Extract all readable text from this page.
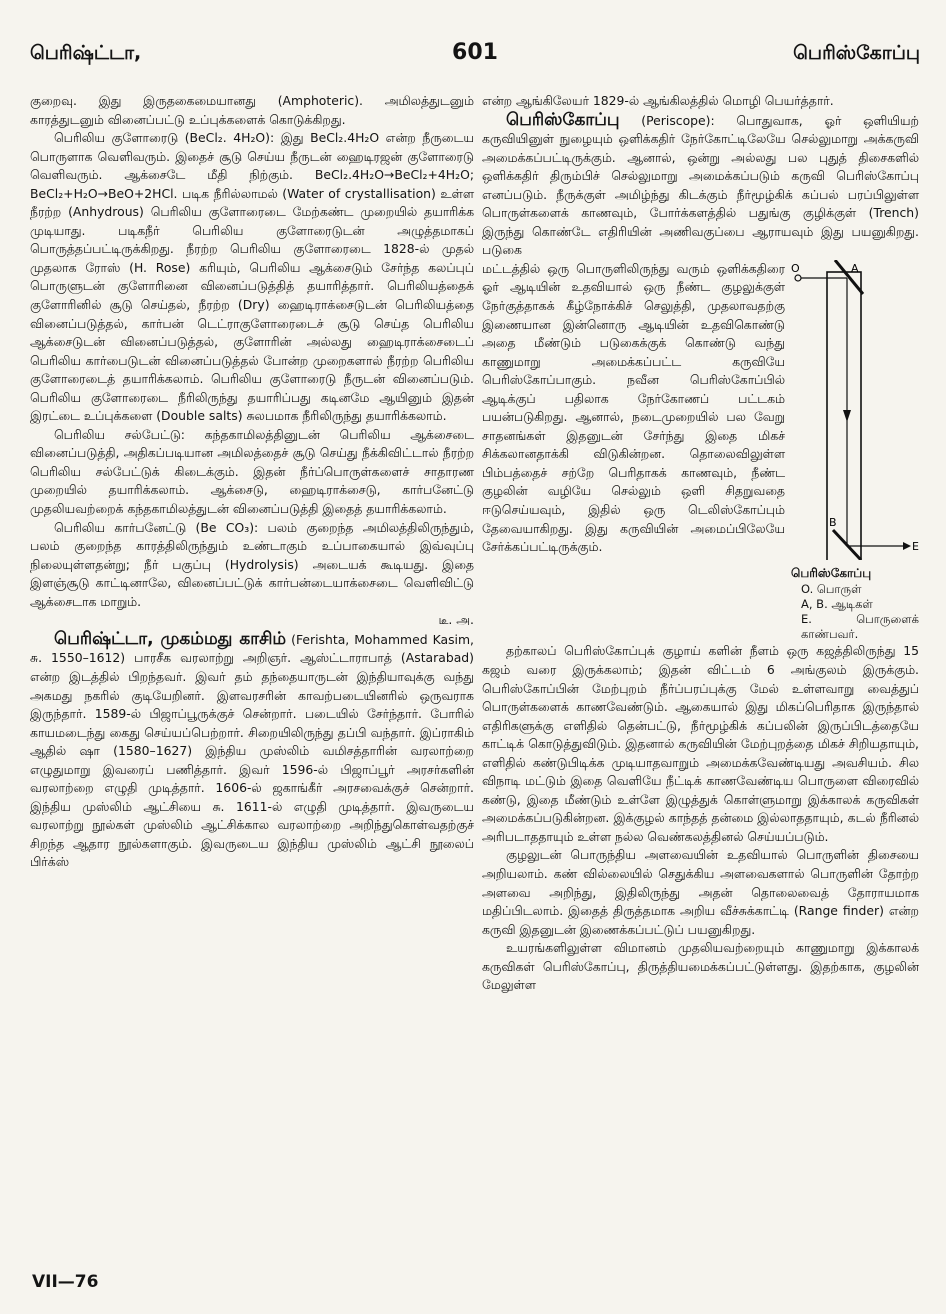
பெரிஷ்ட்டா,	601	பெரிஸ்கோப்பு

குறைவு. இது இருதகைமையானது (Amphoteric). அமிலத்துடனும் காரத்துடனும் வினைப்பட்டு உப்புக்களைக் கொடுக்கிறது.

பெரிலிய குளோரைடு (BeCl₂. 4H₂O): இது BeCl₂.4H₂O என்ற நீருடைய பொருளாக வெளிவரும். இதைச் சூடு செய்ய நீருடன் ஹைடிரஜன் குளோரைடு வெளிவரும். ஆக்சைடே மீதி நிற்கும். BeCl₂.4H₂O→BeCl₂+4H₂O; BeCl₂+H₂O→BeO+2HCl. படிக நீரில்லாமல் (Water of crystallisation) உள்ள நீரற்ற (Anhydrous) பெரிலிய குளோரைடை மேற்கண்ட முறையில் தயாரிக்க முடியாது. படிகநீர் பெரிலிய குளோரைடுடன் அழுத்தமாகப் பொருத்தப்பட்டிருக்கிறது. நீரற்ற பெரிலிய குளோரைடை 1828-ல் முதல் முதலாக ரோஸ் (H. Rose) கரியும், பெரிலிய ஆக்சைடும் சேர்ந்த கலப்புப் பொருளுடன் குளோரினை வினைப்படுத்தித் தயாரித்தார். பெரிலியத்தைக் குளோரினில் சூடு செய்தல், நீரற்ற (Dry) ஹைடிராக்சைடுடன் பெரிலியத்தை வினைப்படுத்தல், கார்பன் டெட்ராகுளோரைடைச் சூடு செய்த பெரிலிய ஆக்சைடுடன் வினைப்படுத்தல், குளோரின் அல்லது ஹைடிராக்சைடைப் பெரிலிய கார்பைடுடன் வினைப்படுத்தல் போன்ற முறைகளால் நீரற்ற பெரிலிய குளோரைடைத் தயாரிக்கலாம். பெரிலிய குளோரைடு நீருடன் வினைப்படும். பெரிலிய குளோரைடை நீரிலிருந்து தயாரிப்பது கடினமே ஆயினும் இதன் இரட்டை உப்புக்களை (Double salts) சுலபமாக நீரிலிருந்து தயாரிக்கலாம்.

பெரிலிய சல்பேட்டு: கந்தகாமிலத்தினுடன் பெரிலிய ஆக்சைடை வினைப்படுத்தி, அதிகப்படியான அமிலத்தைச் சூடு செய்து நீக்கிவிட்டால் நீரற்ற பெரிலிய சல்பேட்டுக் கிடைக்கும். இதன் நீர்ப்பொருள்களைச் சாதாரண முறையில் தயாரிக்கலாம். ஆக்சைடு, ஹைடிராக்சைடு, கார்பனேட்டு முதலியவற்றைக் கந்தகாமிலத்துடன் வினைப்படுத்தி இதைத் தயாரிக்கலாம்.

பெரிலிய கார்பனேட்டு (Be CO₃): பலம் குறைந்த அமிலத்திலிருந்தும், பலம் குறைந்த காரத்திலிருந்தும் உண்டாகும் உப்பாகையால் இவ்வுப்பு நிலையுள்ளதன்று; நீர் பகுப்பு (Hydrolysis) அடையக் கூடியது. இதை இளஞ்சூடு காட்டினாலே, வினைப்பட்டுக் கார்பன்டையாக்சைடை வெளிவிட்டு ஆக்சைடாக மாறும்.

டீ. அ.

பெரிஷ்ட்டா, முகம்மது காசிம் (Ferishta, Mohammed Kasim, சு. 1550–1612) பாரசீக வரலாற்று அறிஞர். ஆஸ்ட்டாராபாத் (Astarabad) என்ற இடத்தில் பிறந்தவர். இவர் தம் தந்தையாருடன் இந்தியாவுக்கு வந்து அகமது நகரில் குடியேறினர். இளவரசரின் காவற்படையினரில் ஒருவராக இருந்தார். 1589-ல் பிஜாப்பூருக்குச் சென்றார். படையில் சேர்ந்தார். போரில் காயமடைந்து கைது செய்யப்பெற்றார். சிறையிலிருந்து தப்பி வந்தார். இப்ராகிம் ஆதில் ஷா (1580–1627) இந்திய முஸ்லிம் வமிசத்தாரின் வரலாற்றை எழுதுமாறு இவரைப் பணித்தார். இவர் 1596-ல் பிஜாப்பூர் அரசர்களின் வரலாற்றை எழுதி முடித்தார். 1606-ல் ஜகாங்கீர் அரசவைக்குச் சென்றார். இந்திய முஸ்லிம் ஆட்சியை சு. 1611-ல் எழுதி முடித்தார். இவருடைய வரலாற்று நூல்கள் முஸ்லிம் ஆட்சிக்கால வரலாற்றை அறிந்துகொள்வதற்குச் சிறந்த ஆதார நூல்களாகும். இவருடைய இந்திய முஸ்லிம் ஆட்சி நூலைப் பிர்க்ஸ்

என்ற ஆங்கிலேயர் 1829-ல் ஆங்கிலத்தில் மொழி பெயர்த்தார்.

பெரிஸ்கோப்பு (Periscope): பொதுவாக, ஓர் ஒளியியற் கருவியினுள் நுழையும் ஒளிக்கதிர் நேர்கோட்டிலேயே செல்லுமாறு அக்கருவி அமைக்கப்பட்டிருக்கும். ஆனால், ஒன்று அல்லது பல புதுத் திசைகளில் ஒளிக்கதிர் திரும்பிச் செல்லுமாறு அமைக்கப்படும் கருவி பெரிஸ்கோப்பு எனப்படும். நீருக்குள் அமிழ்ந்து கிடக்கும் நீர்மூழ்கிக் கப்பல் பரப்பிலுள்ள பொருள்களைக் காணவும், போர்க்களத்தில் பதுங்கு குழிக்குள் (Trench) இருந்து கொண்டே எதிரியின் அணிவகுப்பை ஆராயவும் இது பயனுகிறது. படுகை

மட்டத்தில் ஒரு பொருளிலிருந்து வரும் ஒளிக்கதிரை ஓர் ஆடியின் உதவியால் ஒரு நீண்ட குழலுக்குள் நேர்குத்தாகக் கீழ்நோக்கிச் செலுத்தி, முதலாவதற்கு இணையான இன்னொரு ஆடியின் உதவிகொண்டு அதை மீண்டும் படுகைக்குக் கொண்டு வந்து காணுமாறு அமைக்கப்பட்ட கருவியே பெரிஸ்கோப்பாகும். நவீன பெரிஸ்கோப்பில் ஆடிக்குப் பதிலாக நேர்கோணப் பட்டகம் பயன்படுகிறது. ஆனால், நடைமுறையில் பல வேறு சாதனங்கள் இதனுடன் சேர்ந்து இதை மிகச் சிக்கலானதாக்கி விடுகின்றன. தொலைவிலுள்ள பிம்பத்தைச் சற்றே பெரிதாகக் காணவும், நீண்ட குழலின் வழியே செல்லும் ஒளி சிதறுவதை ஈடுசெய்யவும், இதில் ஒரு டெலிஸ்கோப்பும் தேவையாகிறது. இது கருவியின் அமைப்பிலேயே சேர்க்கப்பட்டிருக்கும்.

O	A
B
E
பெரிஸ்கோப்பு
O. பொருள்
A, B. ஆடிகள்
E. பொருளைக் காண்பவர்.

தற்காலப் பெரிஸ்கோப்புக் குழாய் களின் நீளம் ஒரு கஜத்திலிருந்து 15 கஜம் வரை இருக்கலாம்; இதன் விட்டம் 6 அங்குலம் இருக்கும். பெரிஸ்கோப்பின் மேற்புறம் நீர்ப்பரப்புக்கு மேல் உள்ளவாறு வைத்துப் பொருள்களைக் காணவேண்டும். ஆகையால் இது மிகப்பெரிதாக இருந்தால் எதிரிகளுக்கு எளிதில் தென்பட்டு, நீர்மூழ்கிக் கப்பலின் இருப்பிடத்தையே காட்டிக் கொடுத்துவிடும். இதனால் கருவியின் மேற்புறத்தை மிகச் சிறியதாயும், எளிதில் கண்டுபிடிக்க முடியாதவாறும் அமைக்கவேண்டியது அவசியம். சில விநாடி மட்டும் இதை வெளியே நீட்டிக் காணவேண்டிய பொருளை விரைவில் கண்டு, இதை மீண்டும் உள்ளே இழுத்துக் கொள்ளுமாறு இக்காலக் கருவிகள் அமைக்கப்படுகின்றன. இக்குழல் காந்தத் தன்மை இல்லாததாயும், கடல் நீரினல் அரிபடாததாயும் உள்ள நல்ல வெண்கலத்தினல் செய்யப்படும்.

குழலுடன் பொருந்திய அளவையின் உதவியால் பொருளின் திசையை அறியலாம். கண் வில்லையில் செதுக்கிய அளவைகளால் பொருளின் தோற்ற அளவை அறிந்து, இதிலிருந்து அதன் தொலைவைத் தோராயமாக மதிப்பிடலாம். இதைத் திருத்தமாக அறிய வீச்சுக்காட்டி (Range finder) என்ற கருவி இதனுடன் இணைக்கப்பட்டுப் பயனுகிறது.

உயரங்களிலுள்ள விமானம் முதலியவற்றையும் காணுமாறு இக்காலக் கருவிகள் பெரிஸ்கோப்பு, திருத்தியமைக்கப்பட்டுள்ளது. இதற்காக, குழலின் மேலுள்ள

VII—76
